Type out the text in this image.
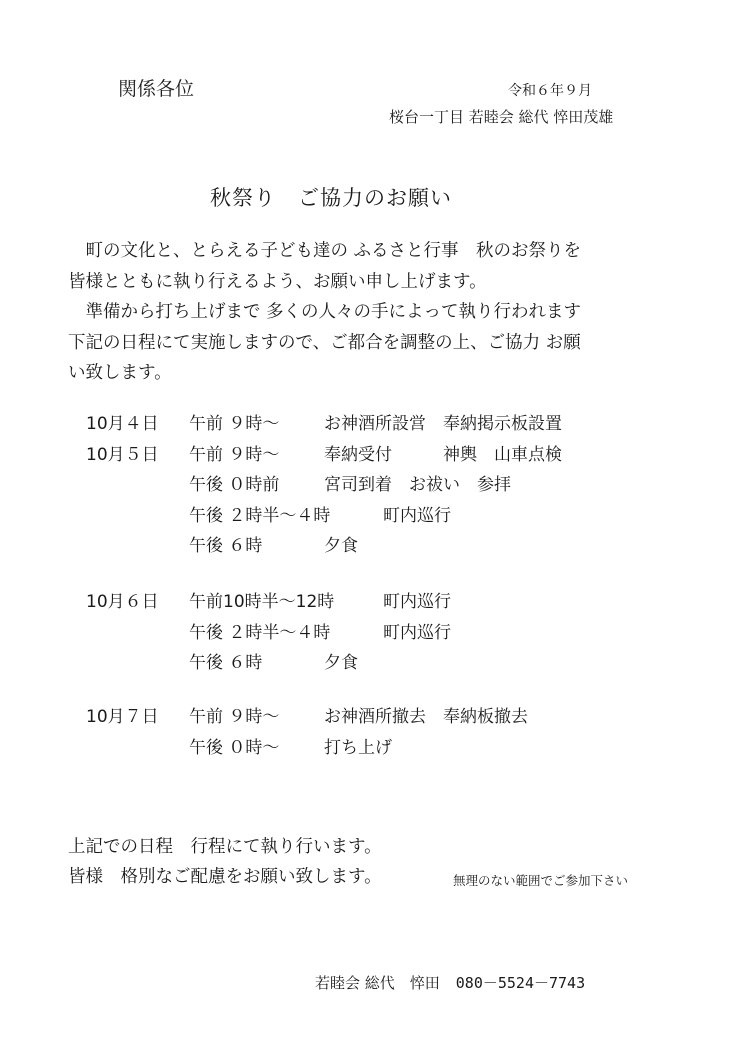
関係各位	令和６年９月
桜台一丁目 若睦会 総代 悴田茂雄
秋祭り　ご協力のお願い

　町の文化と、とらえる子ども達の ふるさと行事　秋のお祭りを

皆様とともに執り行えるよう、お願い申し上げます。

　準備から打ち上げまで 多くの人々の手によって執り行われます

下記の日程にて実施しますので、ご都合を調整の上、ご協力 お願

い致します。

10月４日 午前 ９時～	お神酒所設営　奉納掲示板設置
10月５日 午前 ９時～	奉納受付　　　神輿　山車点検
午後 ０時前	宮司到着　お祓い　参拝
午後 ２時半～４時	町内巡行
午後 ６時	夕食
10月６日 午前10時半～12時	町内巡行
午後 ２時半～４時	町内巡行
午後 ６時	夕食
10月７日 午前 ９時～	お神酒所撤去　奉納板撤去
午後 ０時～	打ち上げ

上記での日程　行程にて執り行います。

皆様　格別なご配慮をお願い致します。	無理のない範囲でご参加下さい
若睦会 総代　悴田 080－5524－7743
